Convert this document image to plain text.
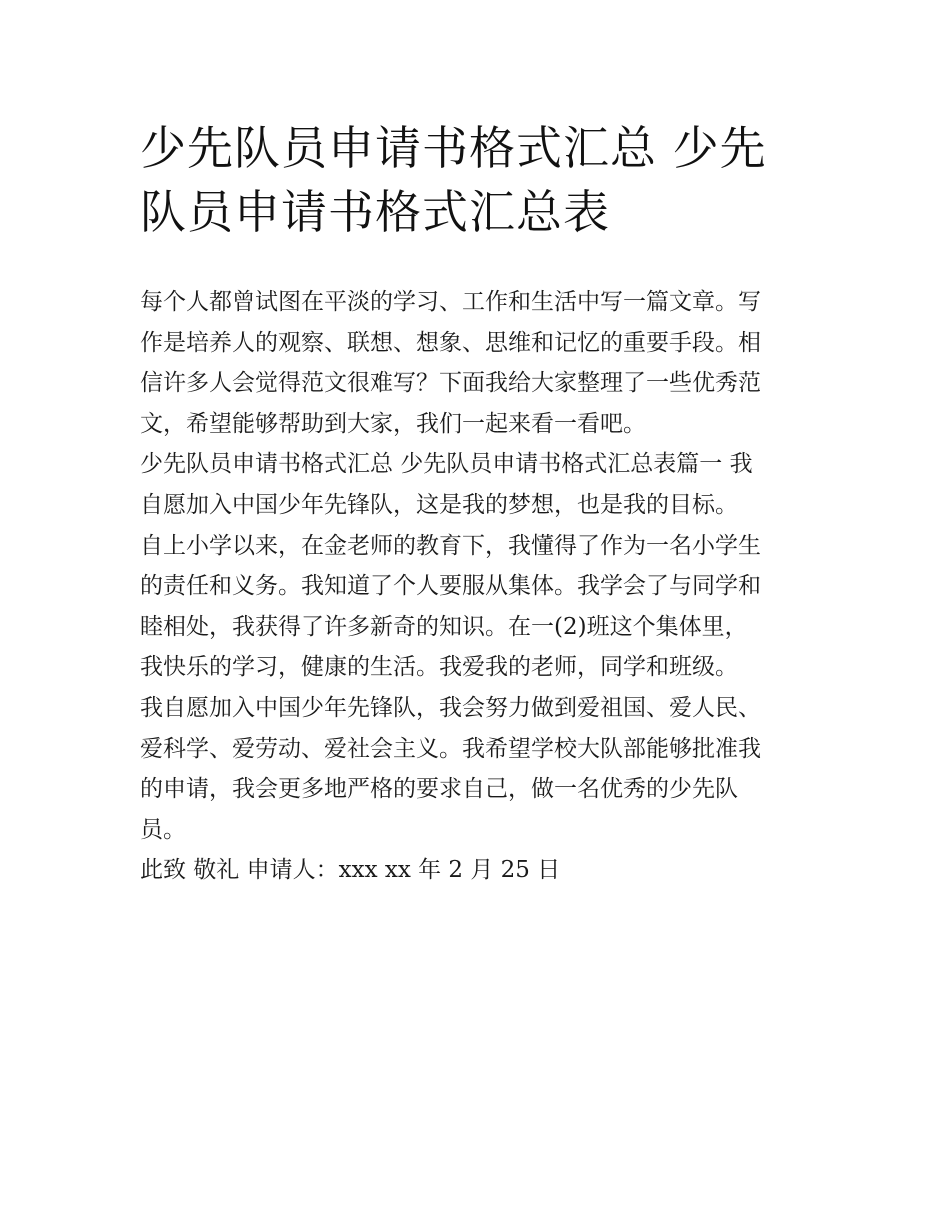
少先队员申请书格式汇总 少先
队员申请书格式汇总表
每个人都曾试图在平淡的学习、工作和生活中写一篇文章。写
作是培养人的观察、联想、想象、思维和记忆的重要手段。相
信许多人会觉得范文很难写？下面我给大家整理了一些优秀范
文，希望能够帮助到大家，我们一起来看一看吧。
少先队员申请书格式汇总 少先队员申请书格式汇总表篇一 我
自愿加入中国少年先锋队，这是我的梦想，也是我的目标。
自上小学以来，在金老师的教育下，我懂得了作为一名小学生
的责任和义务。我知道了个人要服从集体。我学会了与同学和
睦相处，我获得了许多新奇的知识。在一(2)班这个集体里，
我快乐的学习，健康的生活。我爱我的老师，同学和班级。
我自愿加入中国少年先锋队，我会努力做到爱祖国、爱人民、
爱科学、爱劳动、爱社会主义。我希望学校大队部能够批准我
的申请，我会更多地严格的要求自己，做一名优秀的少先队
员。
此致 敬礼 申请人：xxx xx 年 2 月 25 日
